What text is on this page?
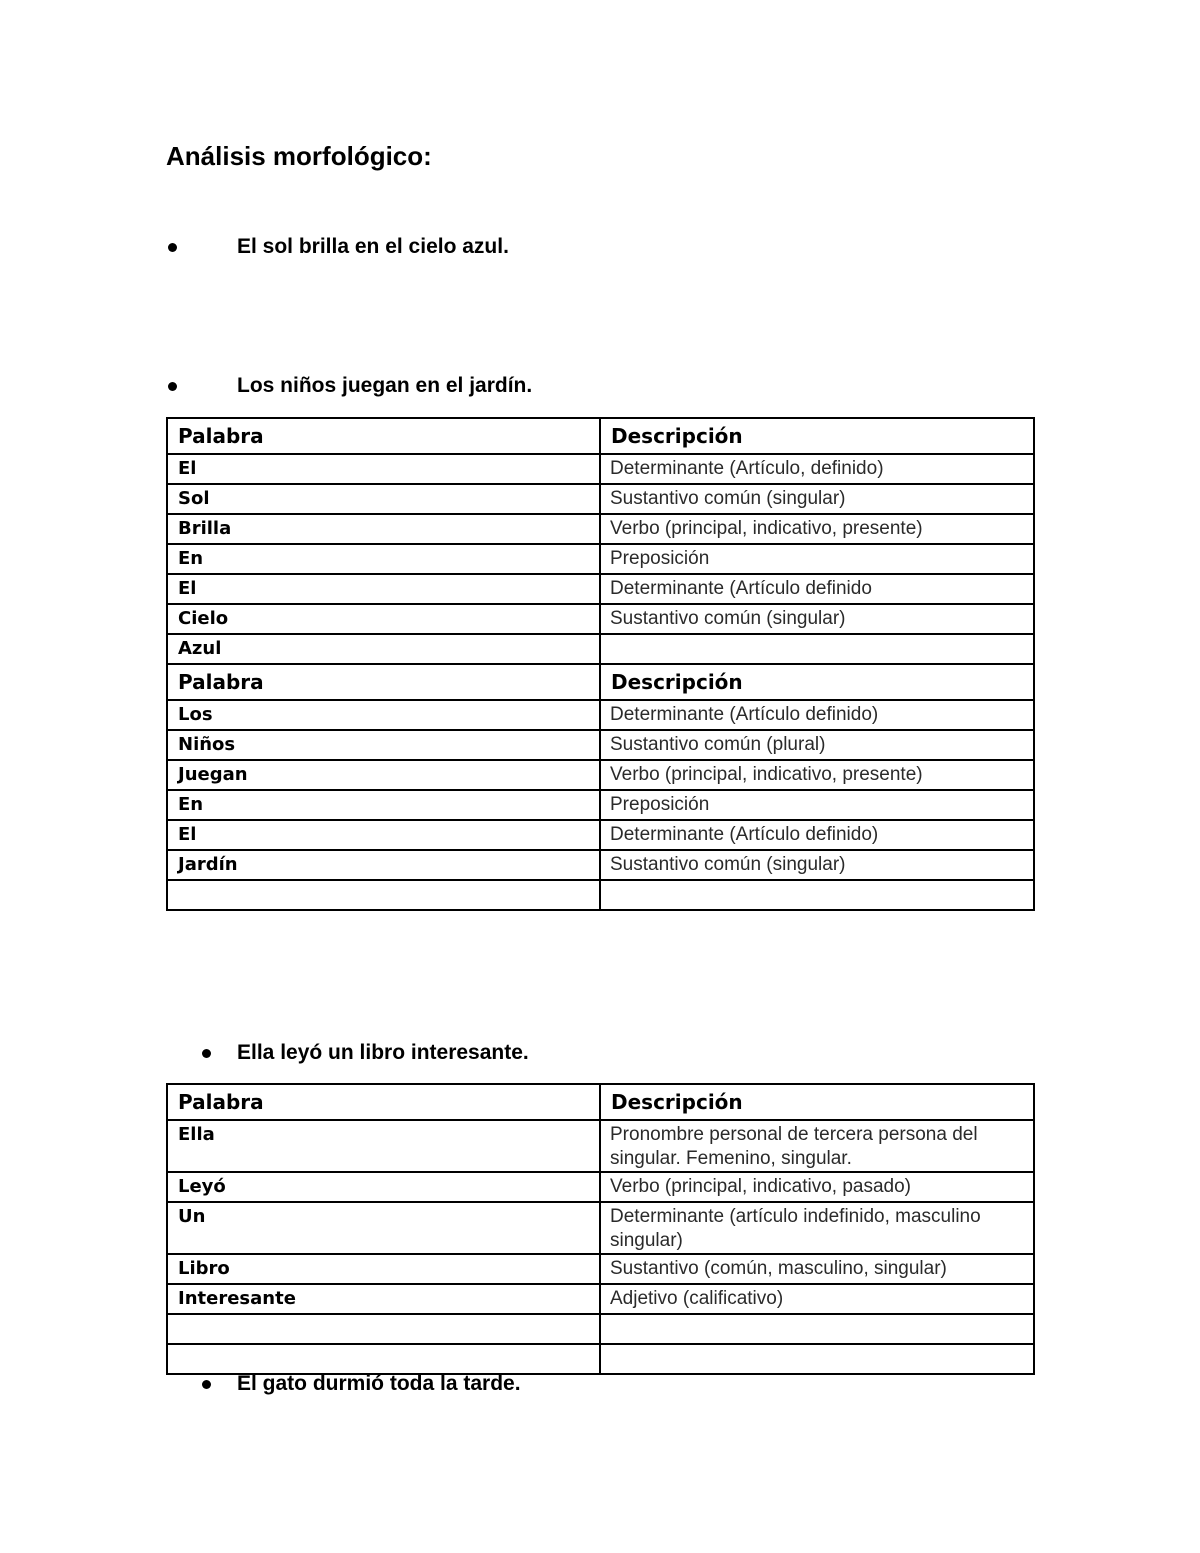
Análisis morfológico:
El sol brilla en el cielo azul.
Los niños juegan en el jardín.
Palabra	Descripción
El	Determinante (Artículo, definido)
Sol	Sustantivo común (singular)
Brilla	Verbo (principal, indicativo, presente)
En	Preposición
El	Determinante (Artículo definido
Cielo	Sustantivo común (singular)
Azul	
Palabra	Descripción
Los	Determinante (Artículo definido)
Niños	Sustantivo común (plural)
Juegan	Verbo (principal, indicativo, presente)
En	Preposición
El	Determinante (Artículo definido)
Jardín	Sustantivo común (singular)

Ella leyó un libro interesante.
Palabra	Descripción
Ella	Pronombre personal de tercera persona del singular. Femenino, singular.
Leyó	Verbo (principal, indicativo, pasado)
Un	Determinante (artículo indefinido, masculino singular)
Libro	Sustantivo (común, masculino, singular)
Interesante	Adjetivo (calificativo)

El gato durmió toda la tarde.
